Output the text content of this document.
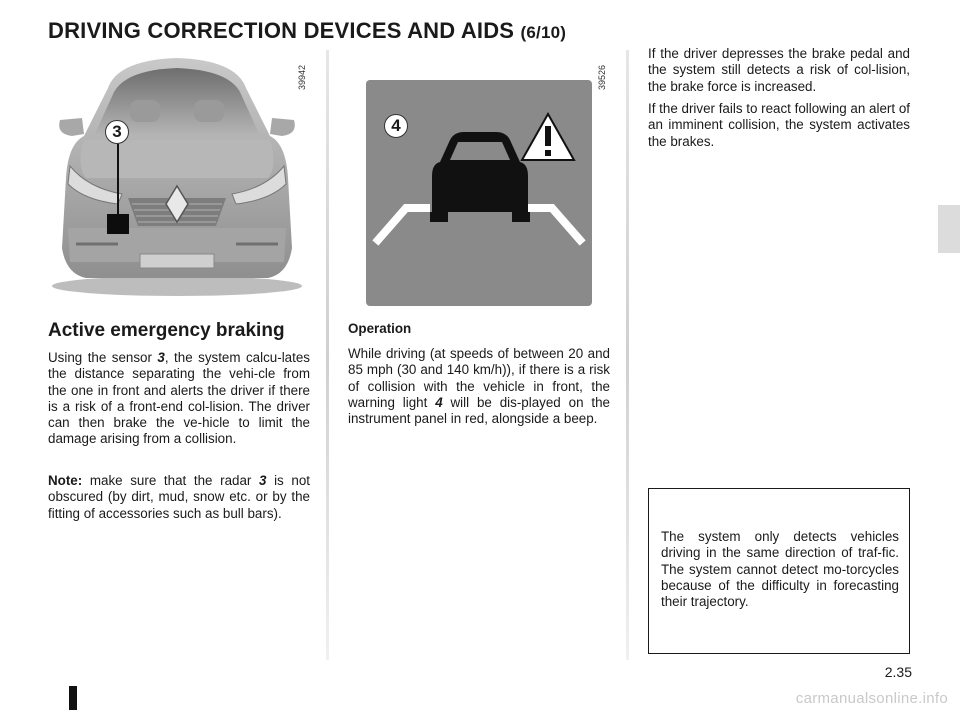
DRIVING CORRECTION DEVICES AND AIDS (6/10)
3
39942
4
39526
Active emergency braking
Using the sensor 3, the system calcu-lates the distance separating the vehi-cle from the one in front and alerts the driver if there is a risk of a front-end col-lision. The driver can then brake the ve-hicle to limit the damage arising from a collision.
Note: make sure that the radar 3 is not obscured (by dirt, mud, snow etc. or by the fitting of accessories such as bull bars).
Operation
While driving (at speeds of between 20 and 85 mph (30 and 140 km/h)), if there is a risk of collision with the vehicle in front, the warning light 4 will be dis-played on the instrument panel in red, alongside a beep.
If the driver depresses the brake pedal and the system still detects a risk of col-lision, the brake force is increased.
If the driver fails to react following an alert of an imminent collision, the system activates the brakes.
The system only detects vehicles driving in the same direction of traf-fic. The system cannot detect mo-torcycles because of the difficulty in forecasting their trajectory.
2.35
carmanualsonline.info
